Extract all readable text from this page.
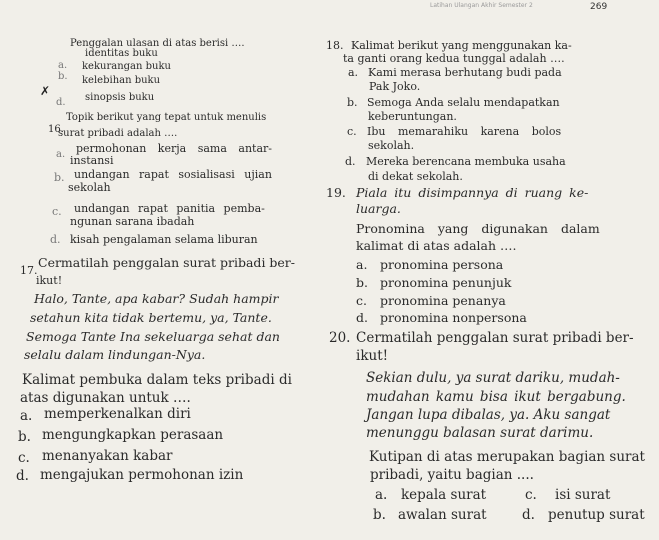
Latihan Ulangan Akhir Semester 2	269
Penggalan ulasan di atas berisi ….
a.
identitas buku
b.
kekurangan buku
kelebihan buku
✗
d. sinopsis buku
16.
Topik berikut yang tepat untuk menulis
surat pribadi adalah ….
a. permohonan kerja sama antar-
instansi
b. undangan rapat sosialisasi ujian
sekolah
c. undangan rapat panitia pemba-
ngunan sarana ibadah
d. kisah pengalaman selama liburan
17.
Cermatilah penggalan surat pribadi ber-
ikut!
Halo, Tante, apa kabar? Sudah hampir
setahun kita tidak bertemu, ya, Tante.
Semoga Tante Ina sekeluarga sehat dan
selalu dalam lindungan-Nya.
Kalimat pembuka dalam teks pribadi di
atas digunakan untuk ….
a. memperkenalkan diri
b. mengungkapkan perasaan
c. menanyakan kabar
d. mengajukan permohonan izin
18. Kalimat berikut yang menggunakan ka-
ta ganti orang kedua tunggal adalah ….
a. Kami merasa berhutang budi pada
Pak Joko.
b. Semoga Anda selalu mendapatkan
keberuntungan.
c. Ibu memarahiku karena bolos
sekolah.
d. Mereka berencana membuka usaha
di dekat sekolah.
19. Piala itu disimpannya di ruang ke-
luarga.
Pronomina yang digunakan dalam
kalimat di atas adalah ….
a. pronomina persona
b. pronomina penunjuk
c. pronomina penanya
d. pronomina nonpersona
20. Cermatilah penggalan surat pribadi ber-
ikut!
Sekian dulu, ya surat dariku, mudah-
mudahan kamu bisa ikut bergabung.
Jangan lupa dibalas, ya. Aku sangat
menunggu balasan surat darimu.
Kutipan di atas merupakan bagian surat
pribadi, yaitu bagian ....
a. kepala surat	c. isi surat
b. awalan surat	d. penutup surat
